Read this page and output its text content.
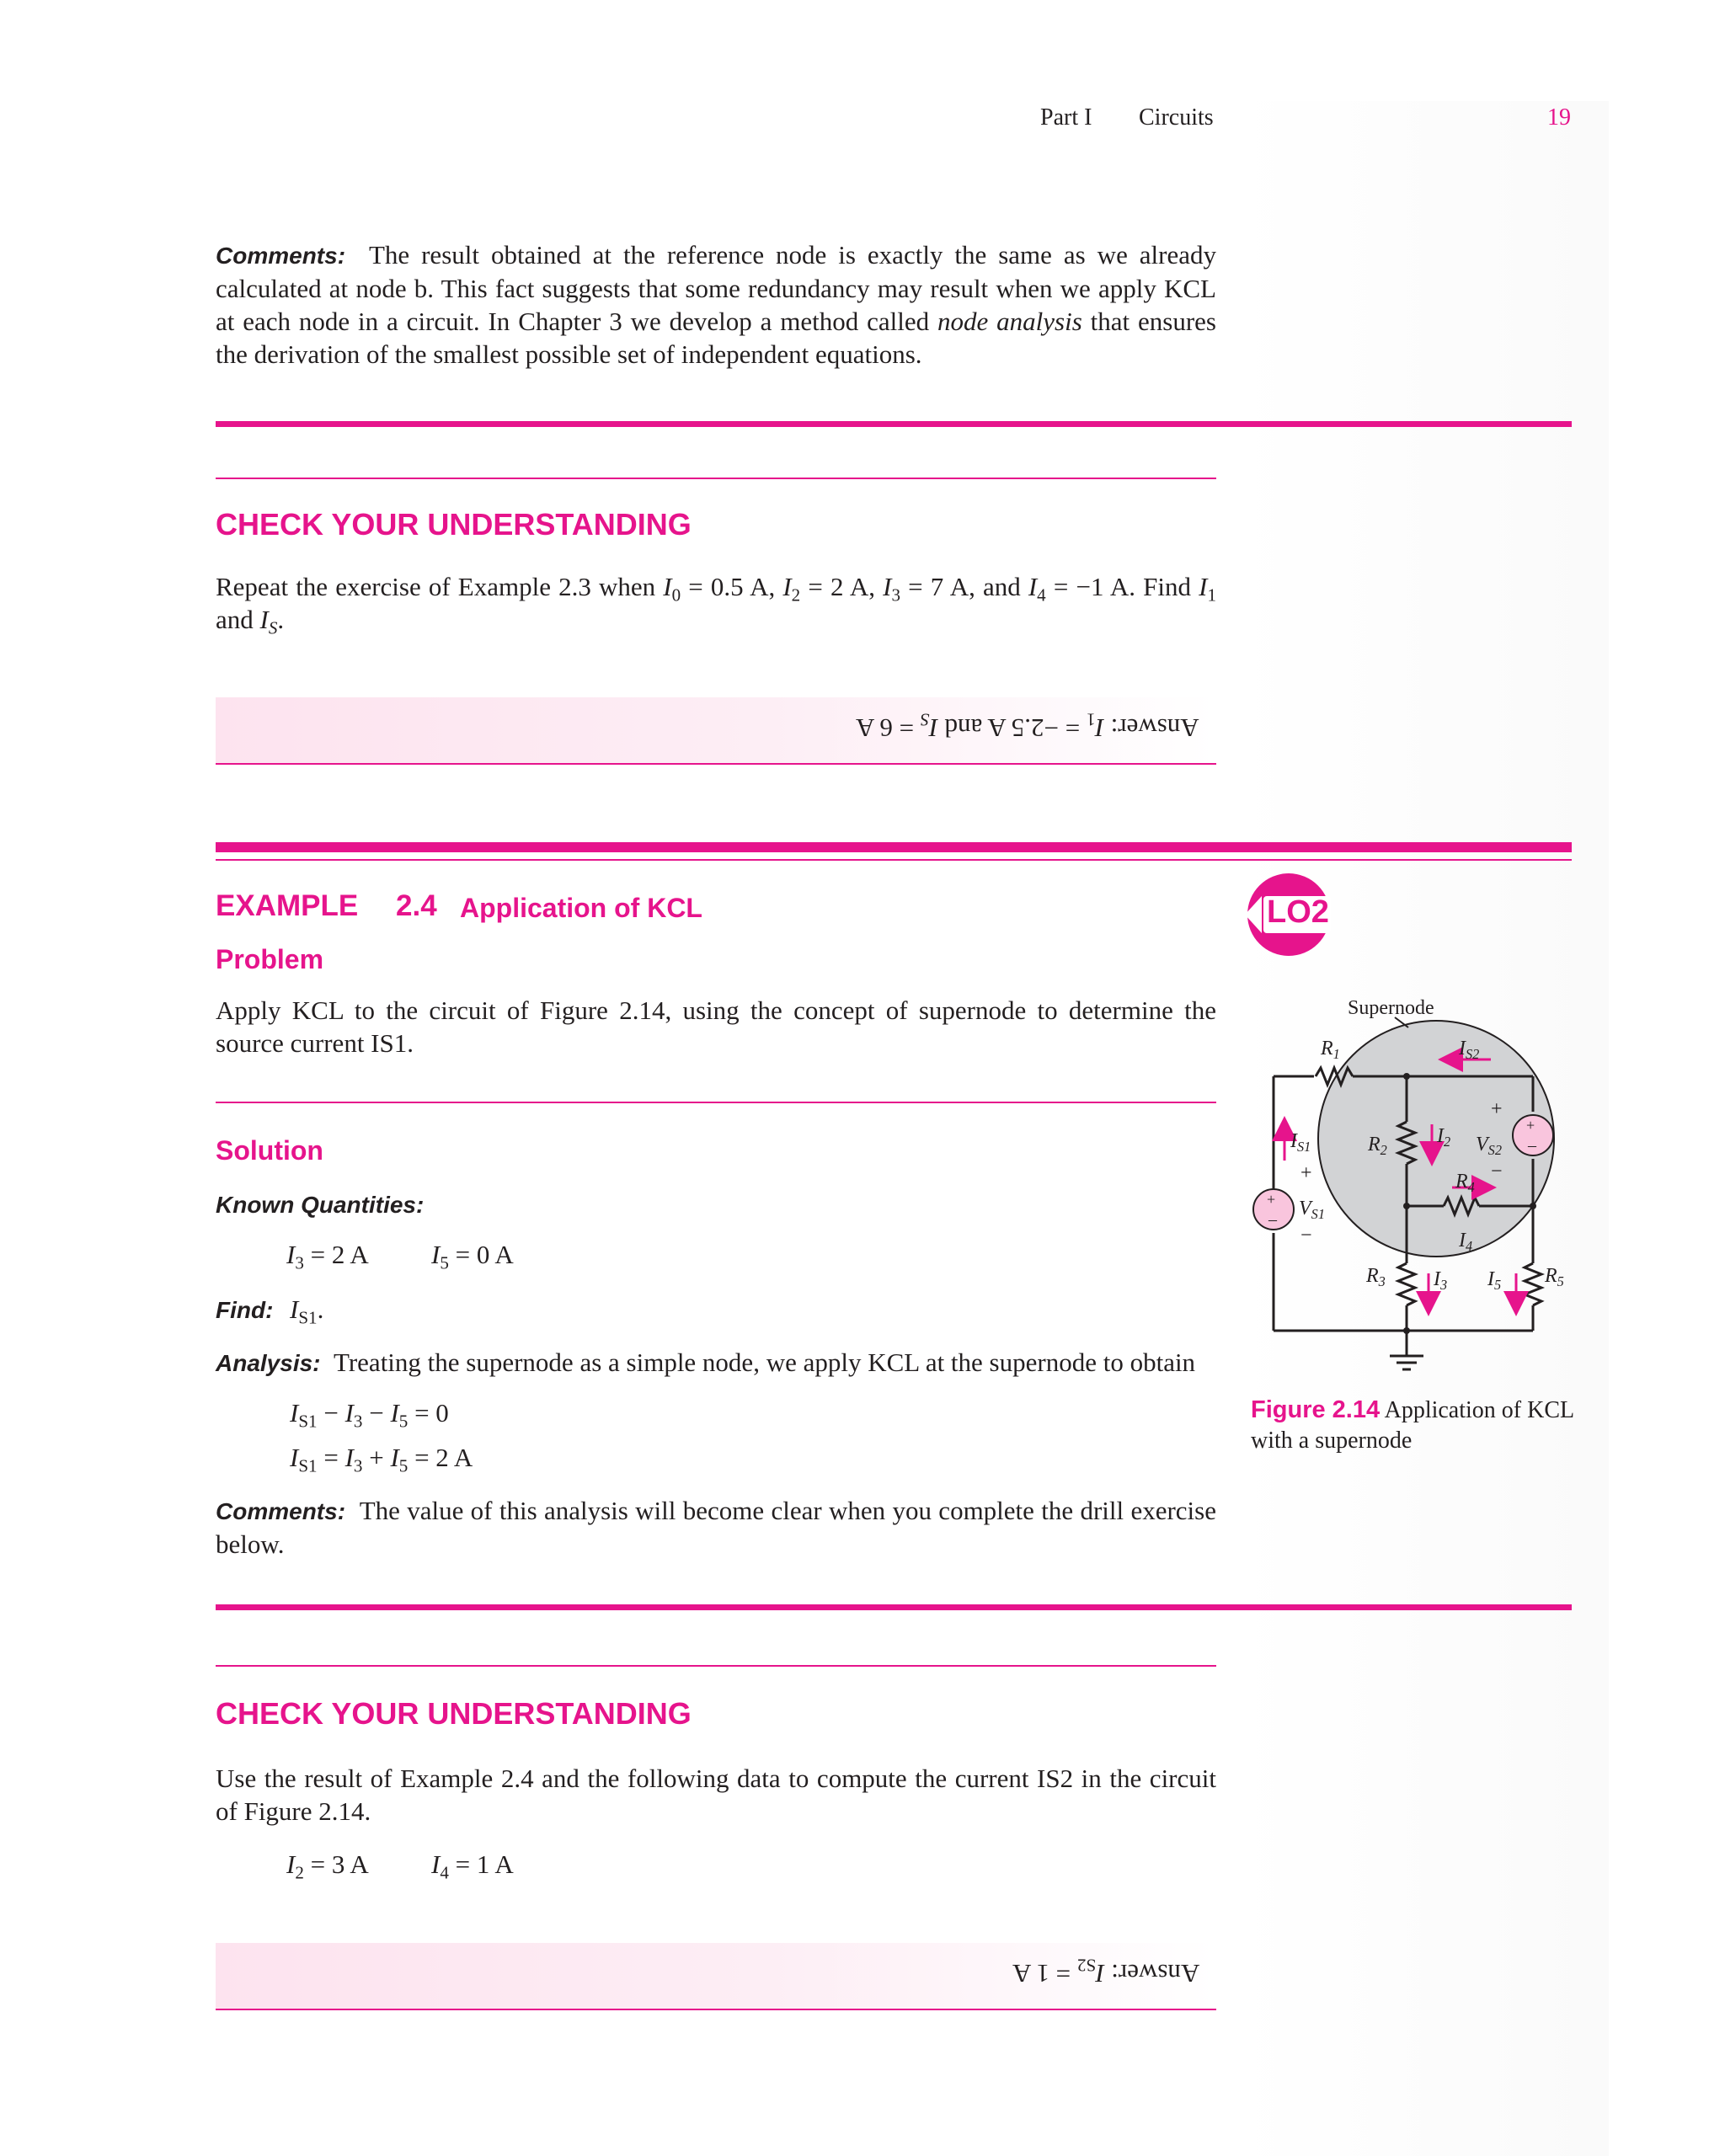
Part I Circuits	19
Comments: The result obtained at the reference node is exactly the same as we already calculated at node b. This fact suggests that some redundancy may result when we apply KCL at each node in a circuit. In Chapter 3 we develop a method called node analysis that ensures the derivation of the smallest possible set of independent equations.
CHECK YOUR UNDERSTANDING
Repeat the exercise of Example 2.3 when $I_0 = 0.5$ A, $I_2 = 2$ A, $I_3 = 7$ A, and $I_4 = -1$ A. Find $I_1$ and $I_S$.
Answer: $I_1 = -2.5$ A and $I_S = 6$ A
EXAMPLE 2.4 Application of KCL	LO2
Problem
Apply KCL to the circuit of Figure 2.14, using the concept of supernode to determine the source current IS1.
Solution
Known Quantities:
$I_3 = 2$ A $I_5 = 0$ A
Find: $I_{S1}$.
Analysis: Treating the supernode as a simple node, we apply KCL at the supernode to obtain
$I_{S1} - I_3 - I_5 = 0$
$I_{S1} = I_3 + I_5 = 2$ A
Comments: The value of this analysis will become clear when you complete the drill exercise below.
+
–
+
–
Supernode
$R_1$	$I_{S2}$
$I_{S1}$
+
$V_{S1}$
−
$R_2$
$I_2$
+
$V_{S2}$
−
$R_4$
$I_4$
$R_3$ $I_3$ $I_5$ $R_5$
Figure 2.14 Application of KCL with a supernode
CHECK YOUR UNDERSTANDING
Use the result of Example 2.4 and the following data to compute the current IS2 in the circuit of Figure 2.14.
$I_2 = 3$ A $I_4 = 1$ A
Answer: $I_{S2} = 1$ A
